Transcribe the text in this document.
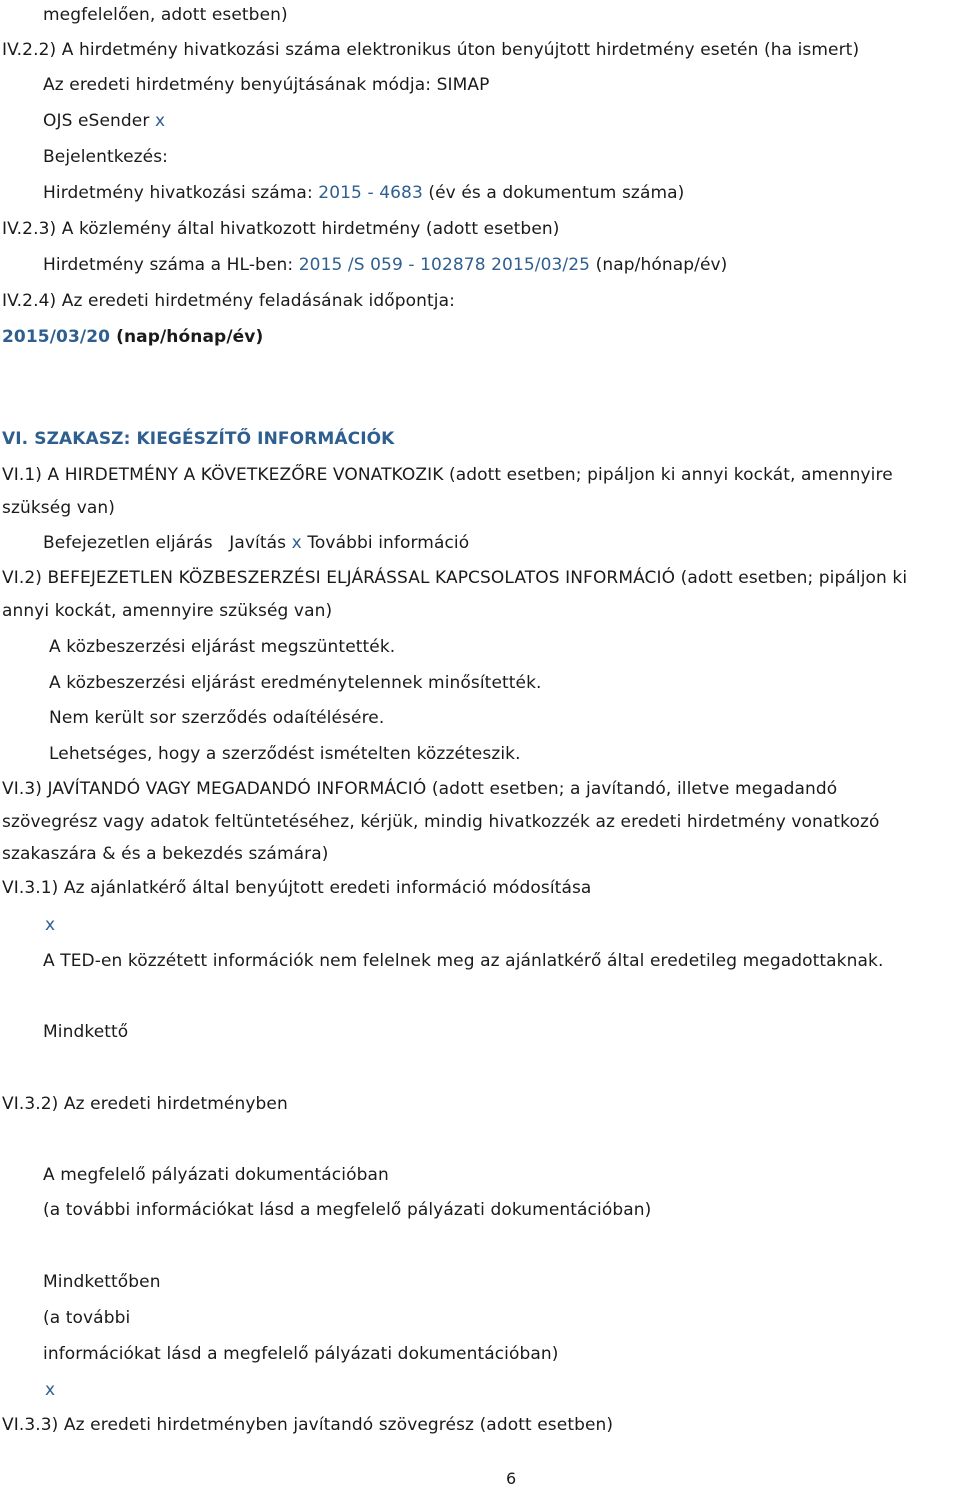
megfelelően, adott esetben)
IV.2.2) A hirdetmény hivatkozási száma elektronikus úton benyújtott hirdetmény esetén (ha ismert)
Az eredeti hirdetmény benyújtásának módja: SIMAP
OJS eSender x
Bejelentkezés:
Hirdetmény hivatkozási száma: 2015 - 4683 (év és a dokumentum száma)
IV.2.3) A közlemény által hivatkozott hirdetmény (adott esetben)
Hirdetmény száma a HL-ben: 2015 /S 059 - 102878 2015/03/25 (nap/hónap/év)
IV.2.4) Az eredeti hirdetmény feladásának időpontja:
2015/03/20 (nap/hónap/év)
VI. SZAKASZ: KIEGÉSZÍTŐ INFORMÁCIÓK
VI.1) A HIRDETMÉNY A KÖVETKEZŐRE VONATKOZIK (adott esetben; pipáljon ki annyi kockát, amennyire
szükség van)
Befejezetlen eljárás Javítás x További információ
VI.2) BEFEJEZETLEN KÖZBESZERZÉSI ELJÁRÁSSAL KAPCSOLATOS INFORMÁCIÓ (adott esetben; pipáljon ki
annyi kockát, amennyire szükség van)
A közbeszerzési eljárást megszüntették.
A közbeszerzési eljárást eredménytelennek minősítették.
Nem került sor szerződés odaítélésére.
Lehetséges, hogy a szerződést ismételten közzéteszik.
VI.3) JAVÍTANDÓ VAGY MEGADANDÓ INFORMÁCIÓ (adott esetben; a javítandó, illetve megadandó
szövegrész vagy adatok feltüntetéséhez, kérjük, mindig hivatkozzék az eredeti hirdetmény vonatkozó
szakaszára & és a bekezdés számára)
VI.3.1) Az ajánlatkérő által benyújtott eredeti információ módosítása
x
A TED-en közzétett információk nem felelnek meg az ajánlatkérő által eredetileg megadottaknak.
Mindkettő
VI.3.2) Az eredeti hirdetményben
A megfelelő pályázati dokumentációban
(a további információkat lásd a megfelelő pályázati dokumentációban)
Mindkettőben
(a további
információkat lásd a megfelelő pályázati dokumentációban)
x
VI.3.3) Az eredeti hirdetményben javítandó szövegrész (adott esetben)
6
